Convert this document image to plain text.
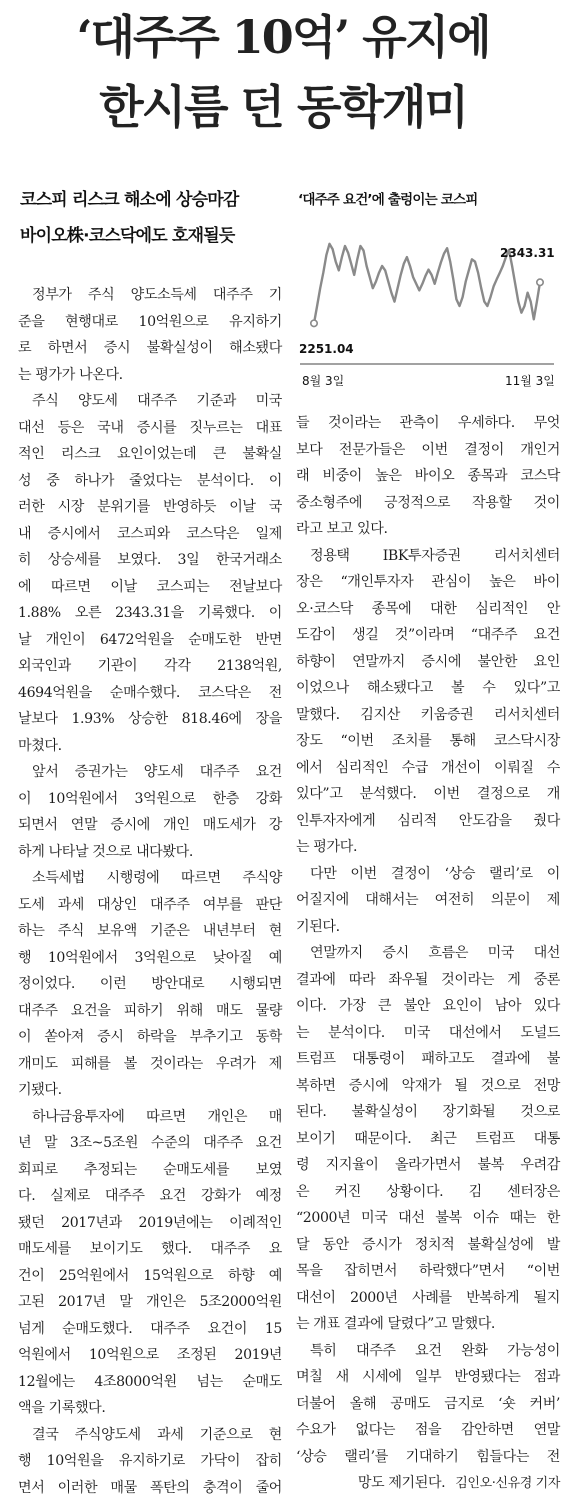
‘대주주 10억’ 유지에
한시름 던 동학개미
코스피 리스크 해소에 상승마감
바이오株·코스닥에도 호재될듯
‘대주주 요건’에 출렁이는 코스피
2343.31
2251.04
8월 3일	11월 3일
정부가 주식 양도소득세 대주주 기
준을 현행대로 10억원으로 유지하기
로 하면서 증시 불확실성이 해소됐다
는 평가가 나온다.
주식 양도세 대주주 기준과 미국
대선 등은 국내 증시를 짓누르는 대표
적인 리스크 요인이었는데 큰 불확실
성 중 하나가 줄었다는 분석이다. 이
러한 시장 분위기를 반영하듯 이날 국
내 증시에서 코스피와 코스닥은 일제
히 상승세를 보였다. 3일 한국거래소
에 따르면 이날 코스피는 전날보다
1.88% 오른 2343.31을 기록했다. 이
날 개인이 6472억원을 순매도한 반면
외국인과 기관이 각각 2138억원,
4694억원을 순매수했다. 코스닥은 전
날보다 1.93% 상승한 818.46에 장을
마쳤다.
앞서 증권가는 양도세 대주주 요건
이 10억원에서 3억원으로 한층 강화
되면서 연말 증시에 개인 매도세가 강
하게 나타날 것으로 내다봤다.
소득세법 시행령에 따르면 주식양
도세 과세 대상인 대주주 여부를 판단
하는 주식 보유액 기준은 내년부터 현
행 10억원에서 3억원으로 낮아질 예
정이었다. 이런 방안대로 시행되면
대주주 요건을 피하기 위해 매도 물량
이 쏟아져 증시 하락을 부추기고 동학
개미도 피해를 볼 것이라는 우려가 제
기됐다.
하나금융투자에 따르면 개인은 매
년 말 3조~5조원 수준의 대주주 요건
회피로 추정되는 순매도세를 보였
다. 실제로 대주주 요건 강화가 예정
됐던 2017년과 2019년에는 이례적인
매도세를 보이기도 했다. 대주주 요
건이 25억원에서 15억원으로 하향 예
고된 2017년 말 개인은 5조2000억원
넘게 순매도했다. 대주주 요건이 15
억원에서 10억원으로 조정된 2019년
12월에는 4조8000억원 넘는 순매도
액을 기록했다.
결국 주식양도세 과세 기준으로 현
행 10억원을 유지하기로 가닥이 잡히
면서 이러한 매물 폭탄의 충격이 줄어
들 것이라는 관측이 우세하다. 무엇
보다 전문가들은 이번 결정이 개인거
래 비중이 높은 바이오 종목과 코스닥
중소형주에 긍정적으로 작용할 것이
라고 보고 있다.
정용택 IBK투자증권 리서치센터
장은 “개인투자자 관심이 높은 바이
오·코스닥 종목에 대한 심리적인 안
도감이 생길 것”이라며 “대주주 요건
하향이 연말까지 증시에 불안한 요인
이었으나 해소됐다고 볼 수 있다”고
말했다. 김지산 키움증권 리서치센터
장도 “이번 조치를 통해 코스닥시장
에서 심리적인 수급 개선이 이뤄질 수
있다”고 분석했다. 이번 결정으로 개
인투자자에게 심리적 안도감을 줬다
는 평가다.
다만 이번 결정이 ‘상승 랠리’로 이
어질지에 대해서는 여전히 의문이 제
기된다.
연말까지 증시 흐름은 미국 대선
결과에 따라 좌우될 것이라는 게 중론
이다. 가장 큰 불안 요인이 남아 있다
는 분석이다. 미국 대선에서 도널드
트럼프 대통령이 패하고도 결과에 불
복하면 증시에 악재가 될 것으로 전망
된다. 불확실성이 장기화될 것으로
보이기 때문이다. 최근 트럼프 대통
령 지지율이 올라가면서 불복 우려감
은 커진 상황이다. 김 센터장은
“2000년 미국 대선 불복 이슈 때는 한
달 동안 증시가 정치적 불확실성에 발
목을 잡히면서 하락했다”면서 “이번
대선이 2000년 사례를 반복하게 될지
는 개표 결과에 달렸다”고 말했다.
특히 대주주 요건 완화 가능성이
며칠 새 시세에 일부 반영됐다는 점과
더불어 올해 공매도 금지로 ‘숏 커버’
수요가 없다는 점을 감안하면 연말
‘상승 랠리’를 기대하기 힘들다는 전
망도 제기된다. 김인오·신유경 기자
